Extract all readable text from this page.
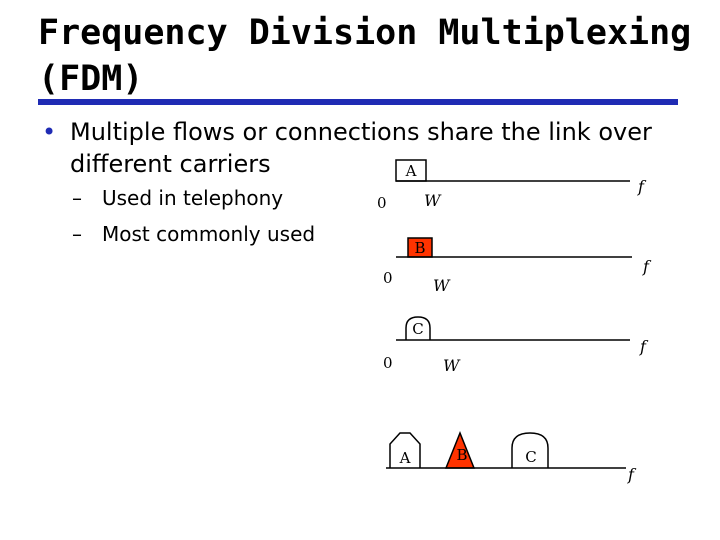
Frequency Division Multiplexing (FDM)
• Multiple flows or connections share the link over different carriers
– Used in telephony
– Most commonly used
A
0 W
f
B
0	W
f
C
0	W
f
A	B	C
f
